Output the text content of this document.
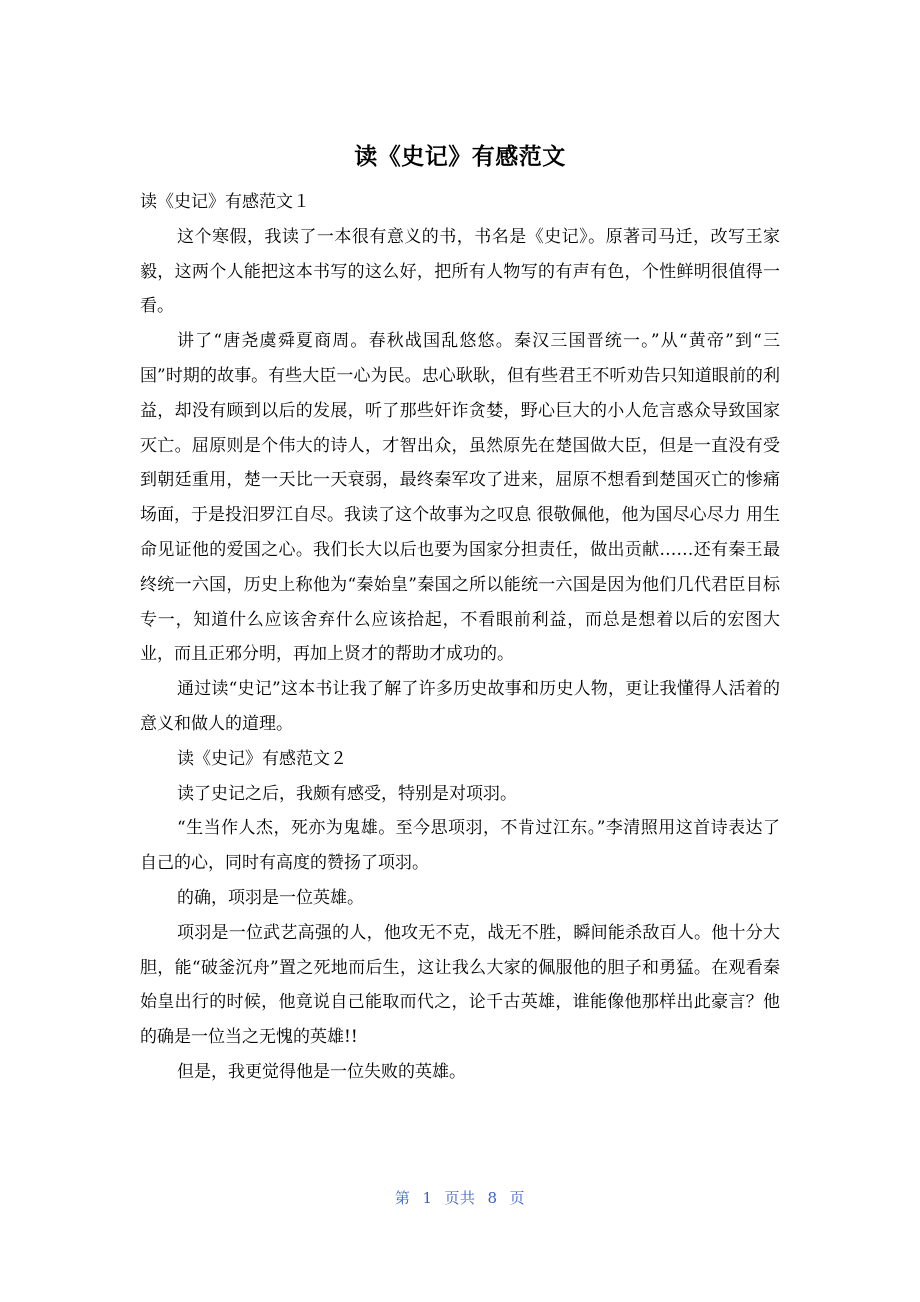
读《史记》有感范文

读《史记》有感范文１

这个寒假，我读了一本很有意义的书，书名是《史记》。原著司马迁，改写王家毅，这两个人能把这本书写的这么好，把所有人物写的有声有色，个性鲜明很值得一看。

讲了“唐尧虞舜夏商周。春秋战国乱悠悠。秦汉三国晋统一。”从“黄帝”到“三国”时期的故事。有些大臣一心为民。忠心耿耿，但有些君王不听劝告只知道眼前的利益，却没有顾到以后的发展，听了那些奸诈贪婪，野心巨大的小人危言惑众导致国家灭亡。屈原则是个伟大的诗人，才智出众，虽然原先在楚国做大臣，但是一直没有受到朝廷重用，楚一天比一天衰弱，最终秦军攻了进来，屈原不想看到楚国灭亡的惨痛场面，于是投汨罗江自尽。我读了这个故事为之叹息 很敬佩他，他为国尽心尽力 用生命见证他的爱国之心。我们长大以后也要为国家分担责任，做出贡献……还有秦王最终统一六国，历史上称他为“秦始皇”秦国之所以能统一六国是因为他们几代君臣目标专一，知道什么应该舍弃什么应该拾起，不看眼前利益，而总是想着以后的宏图大业，而且正邪分明，再加上贤才的帮助才成功的。

通过读“史记”这本书让我了解了许多历史故事和历史人物，更让我懂得人活着的意义和做人的道理。

读《史记》有感范文２

读了史记之后，我颇有感受，特别是对项羽。

“生当作人杰，死亦为鬼雄。至今思项羽，不肯过江东。”李清照用这首诗表达了自己的心，同时有高度的赞扬了项羽。

的确，项羽是一位英雄。

项羽是一位武艺高强的人，他攻无不克，战无不胜，瞬间能杀敌百人。他十分大胆，能“破釜沉舟”置之死地而后生，这让我么大家的佩服他的胆子和勇猛。在观看秦始皇出行的时候，他竟说自己能取而代之，论千古英雄，谁能像他那样出此豪言？他的确是一位当之无愧的英雄!!

但是，我更觉得他是一位失败的英雄。

第 1 页共 8 页
